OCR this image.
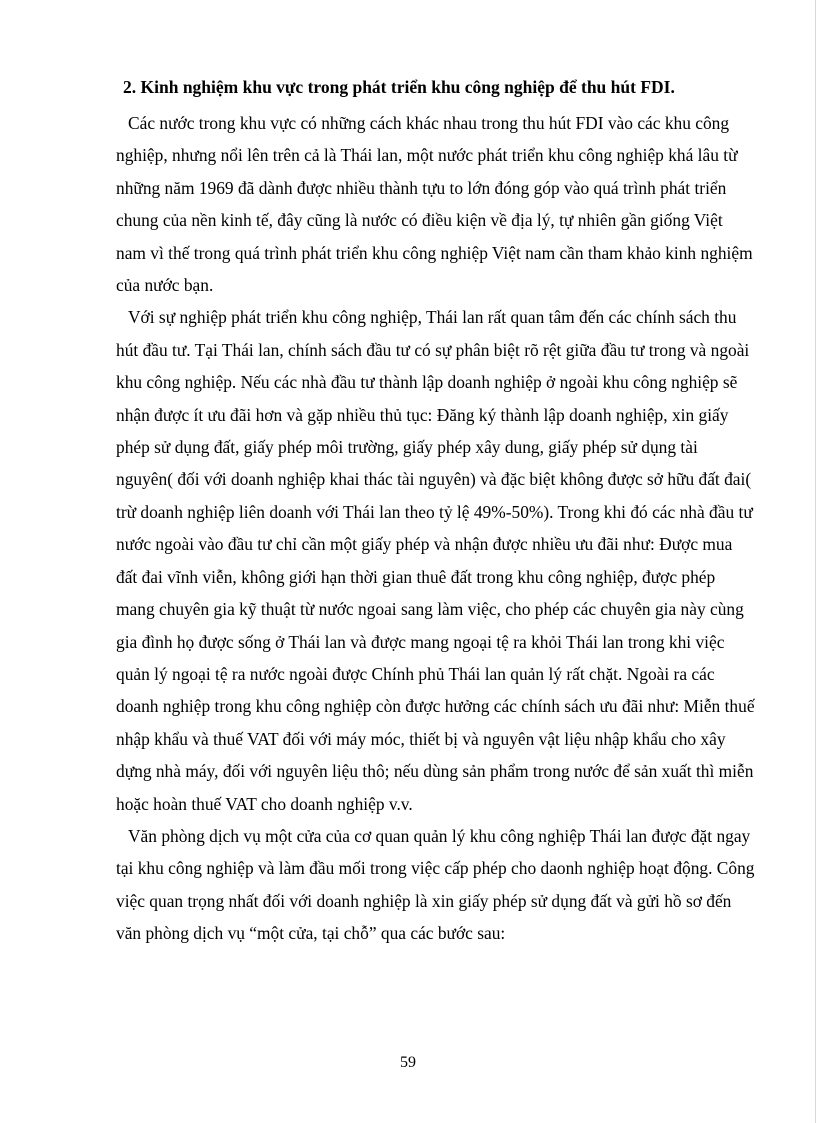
2. Kinh nghiệm khu vực trong phát triển khu công nghiệp để thu hút FDI.

Các nước trong khu vực có những cách khác nhau trong thu hút FDI vào các khu công nghiệp, nhưng nổi lên trên cả là Thái lan, một nước phát triển khu công nghiệp khá lâu từ những năm 1969 đã dành được nhiều thành tựu to lớn đóng góp vào quá trình phát triển chung của nền kinh tế, đây cũng là nước có điều kiện về địa lý, tự nhiên gần giống Việt nam vì thế trong quá trình phát triển khu công nghiệp Việt nam cần tham khảo kinh nghiệm của nước bạn.

Với sự nghiệp phát triển khu công nghiệp, Thái lan rất quan tâm đến các chính sách thu hút đầu tư. Tại Thái lan, chính sách đầu tư có sự phân biệt rõ rệt giữa đầu tư trong và ngoài khu công nghiệp. Nếu các nhà đầu tư thành lập doanh nghiệp ở ngoài khu công nghiệp sẽ nhận được ít ưu đãi hơn và gặp nhiều thủ tục: Đăng ký thành lập doanh nghiệp, xin giấy phép sử dụng đất, giấy phép môi trường, giấy phép xây dung, giấy phép sử dụng tài nguyên( đối với doanh nghiệp khai thác tài nguyên) và đặc biệt không được sở hữu đất đai( trừ doanh nghiệp liên doanh với Thái lan theo tỷ lệ 49%-50%). Trong khi đó các nhà đầu tư nước ngoài vào đầu tư chỉ cần một giấy phép và nhận được nhiều ưu đãi như: Được mua đất đai vĩnh viễn, không giới hạn thời gian thuê đất trong khu công nghiệp, được phép mang chuyên gia kỹ thuật từ nước ngoai sang làm việc, cho phép các chuyên gia này cùng gia đình họ được sống ở Thái lan và được mang ngoại tệ ra khỏi Thái lan trong khi việc quản lý ngoại tệ ra nước ngoài được Chính phủ Thái lan quản lý rất chặt. Ngoài ra các doanh nghiệp trong khu công nghiệp còn được hưởng các chính sách ưu đãi như: Miễn thuế nhập khẩu và thuế VAT đối với máy móc, thiết bị và nguyên vật liệu nhập khẩu cho xây dựng nhà máy, đối với nguyên liệu thô; nếu dùng sản phẩm trong nước để sản xuất thì miễn hoặc hoàn thuế VAT cho doanh nghiệp v.v.

Văn phòng dịch vụ một cửa của cơ quan quản lý khu công nghiệp Thái lan được đặt ngay tại khu công nghiệp và làm đầu mối trong việc cấp phép cho daonh nghiệp hoạt động. Công việc quan trọng nhất đối với doanh nghiệp là xin giấy phép sử dụng đất và gửi hồ sơ đến văn phòng dịch vụ “một cửa, tại chỗ” qua các bước sau:

59
